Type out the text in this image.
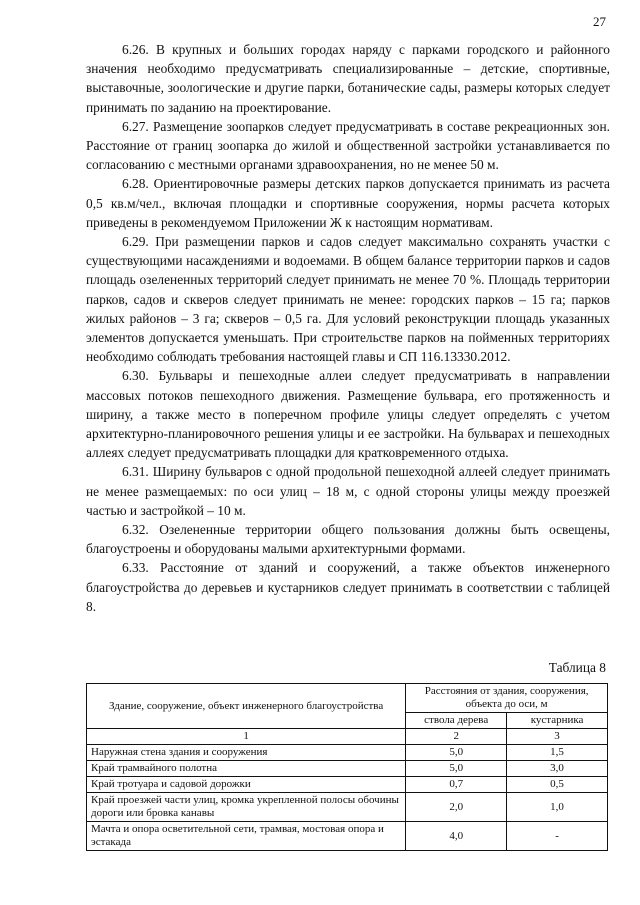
27

6.26. В крупных и больших городах наряду с парками городского и районного значения необходимо предусматривать специализированные – детские, спортивные, выставочные, зоологические и другие парки, ботанические сады, размеры которых следует принимать по заданию на проектирование.

6.27. Размещение зоопарков следует предусматривать в составе рекреационных зон. Расстояние от границ зоопарка до жилой и общественной застройки устанавливается по согласованию с местными органами здравоохранения, но не менее 50 м.

6.28. Ориентировочные размеры детских парков допускается принимать из расчета 0,5 кв.м/чел., включая площадки и спортивные сооружения, нормы расчета которых приведены в рекомендуемом Приложении Ж к настоящим нормативам.

6.29. При размещении парков и садов следует максимально сохранять участки с существующими насаждениями и водоемами. В общем балансе территории парков и садов площадь озелененных территорий следует принимать не менее 70 %. Площадь территории парков, садов и скверов следует принимать не менее: городских парков – 15 га; парков жилых районов – 3 га; скверов – 0,5 га. Для условий реконструкции площадь указанных элементов допускается уменьшать. При строительстве парков на пойменных территориях необходимо соблюдать требования настоящей главы и СП 116.13330.2012.

6.30. Бульвары и пешеходные аллеи следует предусматривать в направлении массовых потоков пешеходного движения. Размещение бульвара, его протяженность и ширину, а также место в поперечном профиле улицы следует определять с учетом архитектурно-планировочного решения улицы и ее застройки. На бульварах и пешеходных аллеях следует предусматривать площадки для кратковременного отдыха.

6.31. Ширину бульваров с одной продольной пешеходной аллеей следует принимать не менее размещаемых: по оси улиц – 18 м, с одной стороны улицы между проезжей частью и застройкой – 10 м.

6.32. Озелененные территории общего пользования должны быть освещены, благоустроены и оборудованы малыми архитектурными формами.

6.33. Расстояние от зданий и сооружений, а также объектов инженерного благоустройства до деревьев и кустарников следует принимать в соответствии с таблицей 8.

Таблица 8
Здание, сооружение, объект инженерного благоустройства	Расстояния от здания, сооружения, объекта до оси, м	
	ствола дерева	кустарника
1	2	3
Наружная стена здания и сооружения	5,0	1,5
Край трамвайного полотна	5,0	3,0
Край тротуара и садовой дорожки	0,7	0,5
Край проезжей части улиц, кромка укрепленной полосы обочины дороги или бровка канавы	2,0	1,0
Мачта и опора осветительной сети, трамвая, мостовая опора и эстакада	4,0	-
